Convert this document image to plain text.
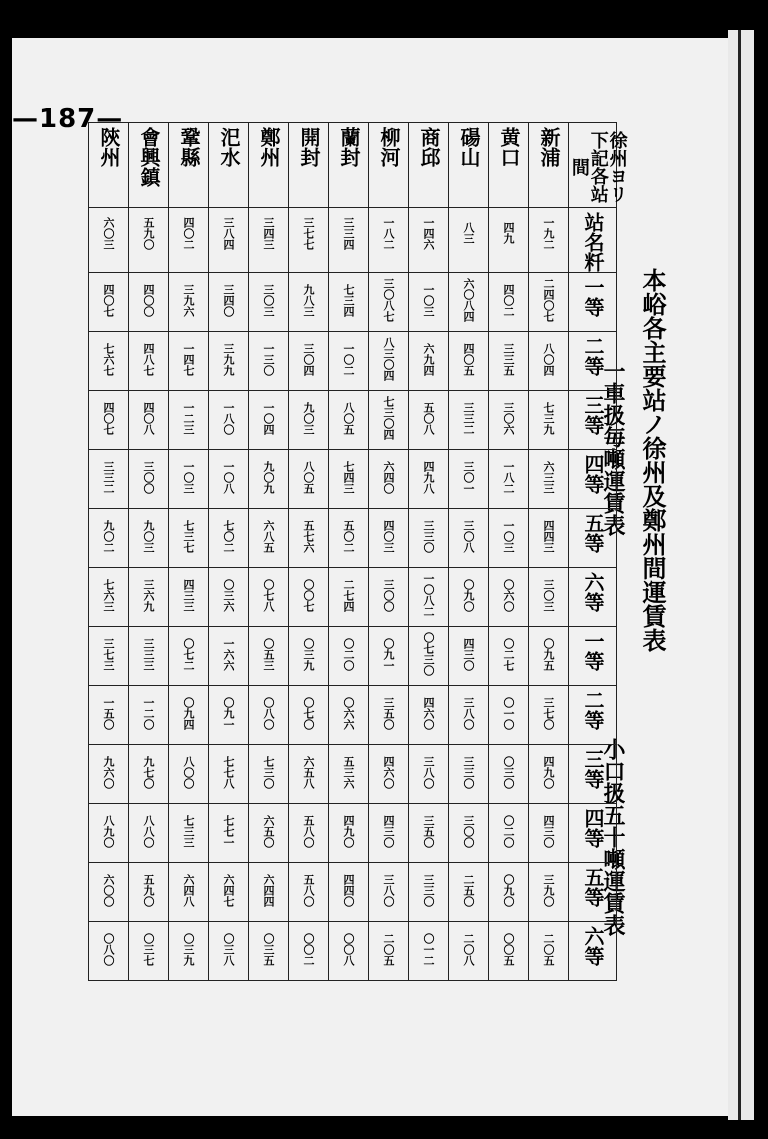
—187—
本峪各主要站ノ徐州及鄭州間運賃表
一車扱毎噸運賃表
小口扱五十噸運賃表
陝州	會興鎮	鞏縣	汜水	鄭州	開封	蘭封	柳河	商邱	碭山	黄口	新浦	徐州ヨリ下記各站間

六〇三	五九〇	四〇二	三八四	三四三	三七七	三三四	一八二	一四六	八三	四九	一九二	站名粁

四〇七	四〇〇	三九六	三四〇	三〇三	九八三	七三四	三〇八七	一〇三	六〇八四	四〇二	二四〇七	一等

七六七	四八七	一四七	三九九	一三〇	三〇四	一〇二	八三〇四	六九四	四〇五	三三五	八〇四	二等

四〇七	四〇八	一二三	一八〇	一〇四	九〇三	八〇五	七三〇四	五〇八	三三二	三〇六	七三九	三等

三三二	三〇〇	一〇三	一〇八	九〇九	八〇五	七四三	六四〇	四九八	三〇一	一八二	六三三	四等

九〇二	九〇三	七三七	七〇二	六八五	五七六	五〇二	四〇三	三三〇	三〇八	一〇三	四四三	五等

七六三	三六九	四三三	〇三六	〇七八	〇〇七	二七四	三〇〇	一〇八二	〇九〇	〇六〇	三〇三	六等

三七三	三三三	〇七二	一六六	〇五三	〇三九	〇二〇	〇九一	〇七三〇	四三〇	〇二七	〇九五	一等

一五〇	一二〇	〇九四	〇九一	〇八〇	〇七〇	〇六六	三五〇	四六〇	三八〇	〇一〇	三七〇	二等

九六〇	九七〇	八〇〇	七七八	七三〇	六五八	五三六	四六〇	三八〇	三三〇	〇三〇	四九〇	三等

八九〇	八八〇	七三三	七七一	六五〇	五八〇	四九〇	四三〇	三五〇	三〇〇	〇二〇	四三〇	四等

六〇〇	五九〇	六四八	六四七	六四四	五八〇	四四〇	三八〇	三三〇	二五〇	〇九〇	三九〇	五等

〇八〇	〇三七	〇三九	〇三八	〇三五	〇〇二	〇〇八	二〇五	〇一二	二〇八	〇〇五	二〇五	六等
